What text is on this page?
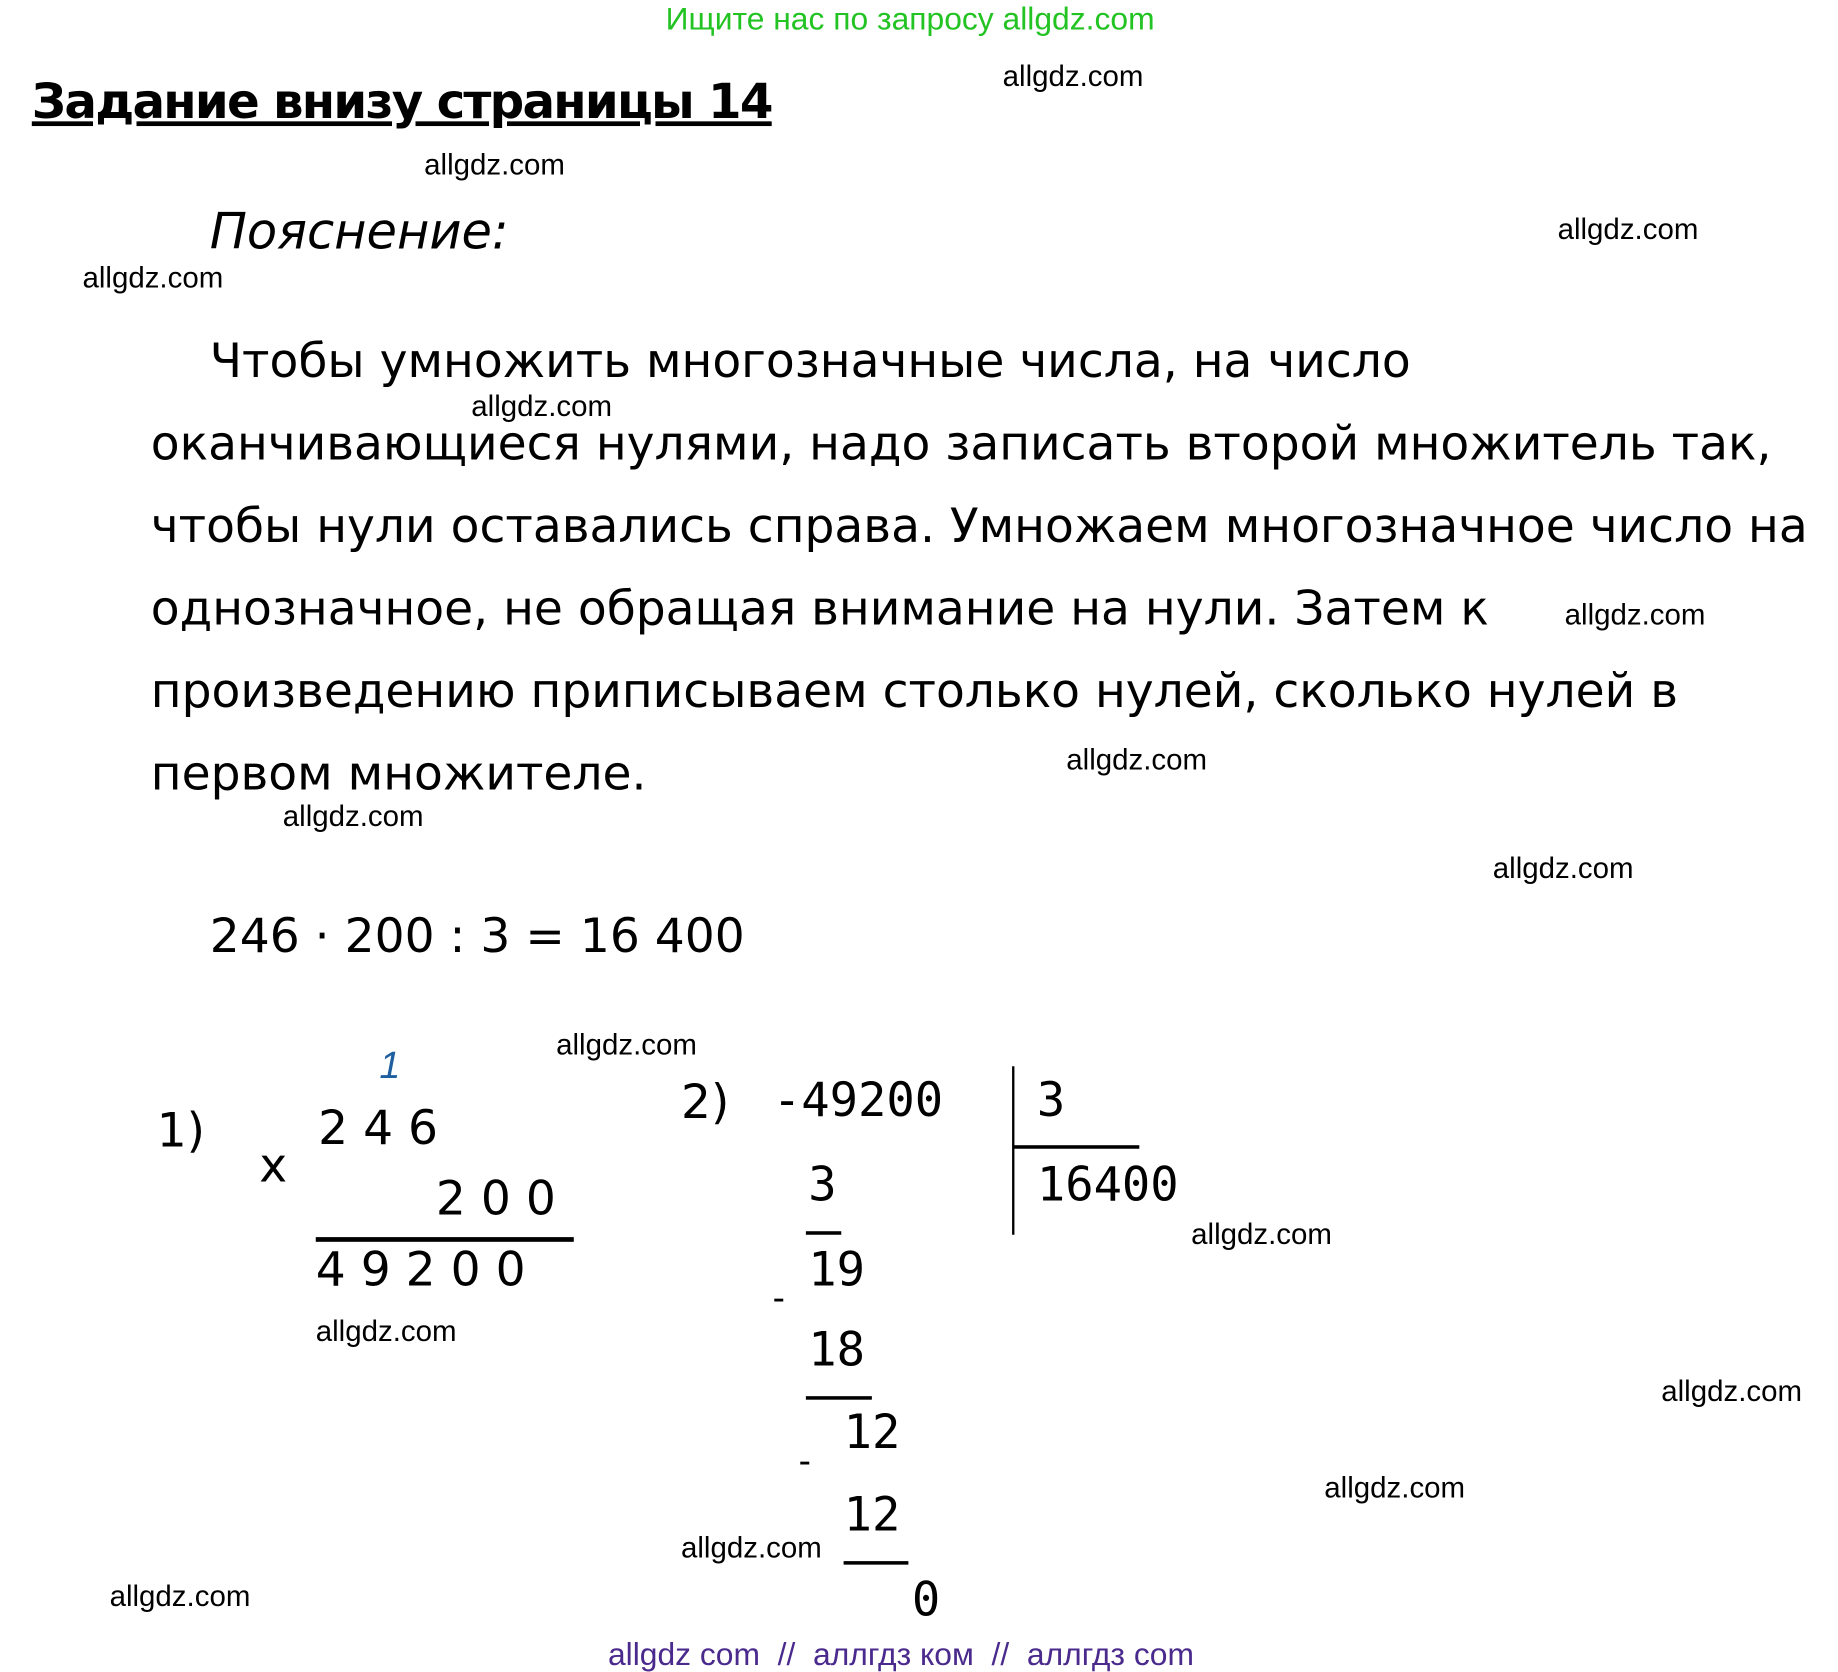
Ищите нас по запросу allgdz.com
Задание внизу страницы 14
Пояснение:
Чтобы умножить многозначные числа, на число
оканчивающиеся нулями, надо записать второй множитель так,
чтобы нули оставались справа. Умножаем многозначное число на
однозначное, не обращая внимание на нули. Затем к
произведению приписываем столько нулей, сколько нулей в
первом множителе.
246 · 200 : 3 = 16 400
1)
1
x
2 4 6
2 0 0
4 9 2 0 0
2) -49200 3
16400
3
19
-
18
12
-
12
0
allgdz.com
allgdz.com
allgdz.com
allgdz.com
allgdz.com
allgdz.com
allgdz.com
allgdz.com
allgdz.com
allgdz.com
allgdz.com
allgdz.com
allgdz.com
allgdz.com
allgdz.com
allgdz.com
allgdz com  //  аллгдз ком  //  аллгдз com
